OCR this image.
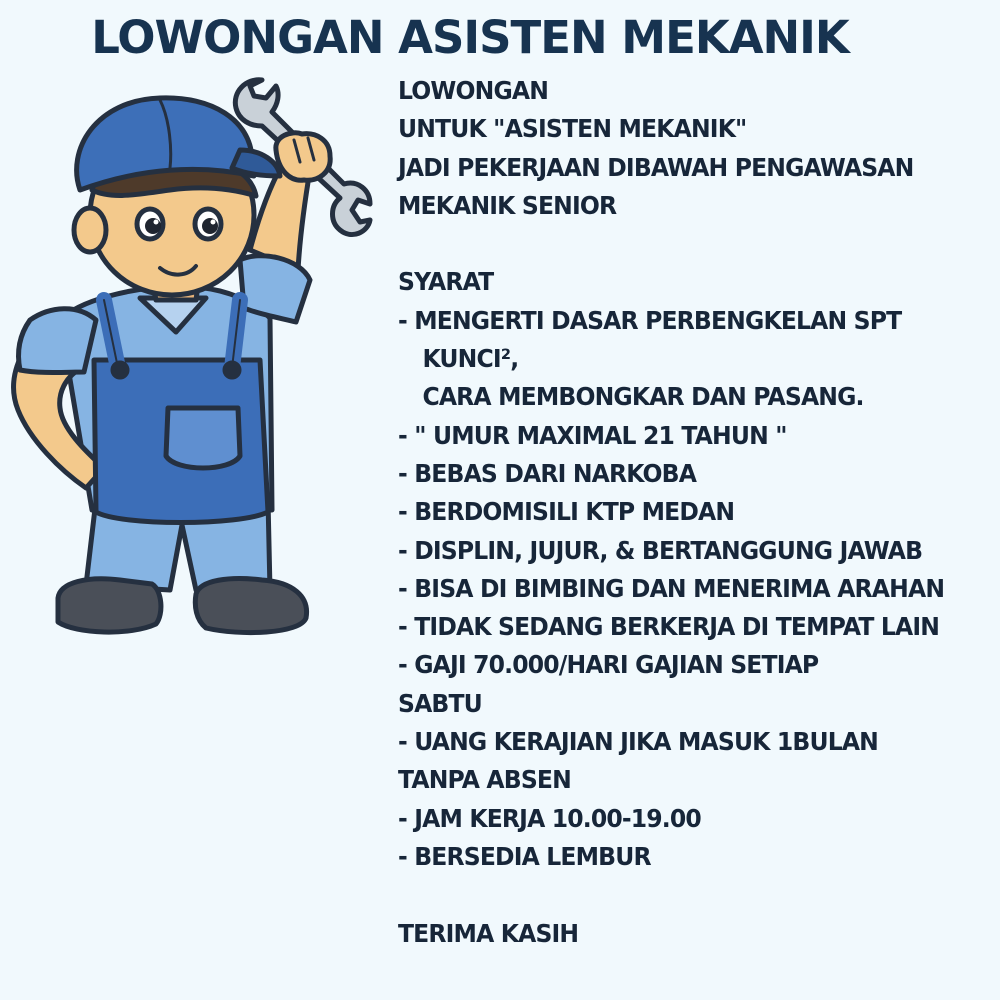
LOWONGAN ASISTEN MEKANIK
LOWONGAN
UNTUK "ASISTEN MEKANIK"
JADI PEKERJAAN DIBAWAH PENGAWASAN
MEKANIK SENIOR
SYARAT
- MENGERTI DASAR PERBENGKELAN SPT
KUNCI²,
CARA MEMBONGKAR DAN PASANG.
- " UMUR MAXIMAL 21 TAHUN "
- BEBAS DARI NARKOBA
- BERDOMISILI KTP MEDAN
- DISPLIN, JUJUR, & BERTANGGUNG JAWAB
- BISA DI BIMBING DAN MENERIMA ARAHAN
- TIDAK SEDANG BERKERJA DI TEMPAT LAIN
- GAJI 70.000/HARI GAJIAN SETIAP
SABTU
- UANG KERAJIAN JIKA MASUK 1BULAN
TANPA ABSEN
- JAM KERJA 10.00-19.00
- BERSEDIA LEMBUR
TERIMA KASIH
